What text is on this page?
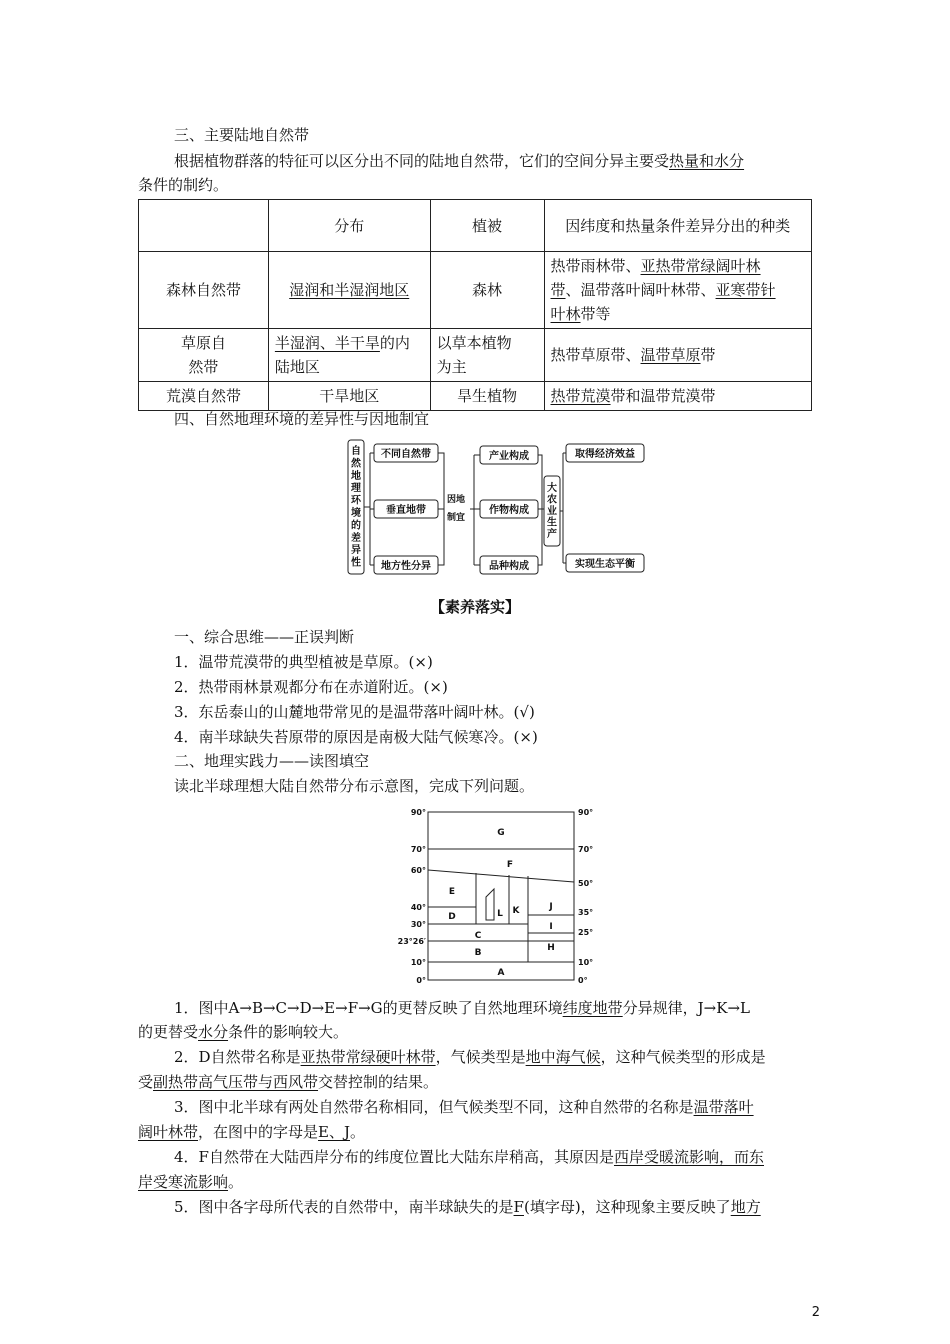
三、主要陆地自然带
根据植物群落的特征可以区分出不同的陆地自然带，它们的空间分异主要受热量和水分
条件的制约。
	分布	植被	因纬度和热量条件差异分出的种类
森林自然带	湿润和半湿润地区	森林	热带雨林带、亚热带常绿阔叶林
带、温带落叶阔叶林带、亚寒带针
叶林带等

草原自然带	半湿润、半干旱的内陆地区	以草本植物为主	热带草原带、温带草原带
荒漠自然带	干旱地区	旱生植物	热带荒漠带和温带荒漠带
四、自然地理环境的差异性与因地制宜
不同自然带
垂直地带
地方性分异
因地
制宜
产业构成
作物构成
品种构成
取得经济效益
实现生态平衡
自然地理环境的差异性
大农业生产
【素养落实】
一、综合思维——正误判断
1．温带荒漠带的典型植被是草原。(×)
2．热带雨林景观都分布在赤道附近。(×)
3．东岳泰山的山麓地带常见的是温带落叶阔叶林。(√)
4．南半球缺失苔原带的原因是南极大陆气候寒冷。(×)
二、地理实践力——读图填空
读北半球理想大陆自然带分布示意图，完成下列问题。
G
F
E
D	L K	J
I
C
B	H
A
90°
70°
60°
40°
30°
23°26′
10°
0°
90°
70°
50°
35°
25°
10°
0°
1．图中A→B→C→D→E→F→G的更替反映了自然地理环境纬度地带分异规律，J→K→L
的更替受水分条件的影响较大。
2．D自然带名称是亚热带常绿硬叶林带，气候类型是地中海气候，这种气候类型的形成是
受副热带高气压带与西风带交替控制的结果。
3．图中北半球有两处自然带名称相同，但气候类型不同，这种自然带的名称是温带落叶
阔叶林带，在图中的字母是E、J。
4．F自然带在大陆西岸分布的纬度位置比大陆东岸稍高，其原因是西岸受暖流影响，而东
岸受寒流影响。
5．图中各字母所代表的自然带中，南半球缺失的是F(填字母)，这种现象主要反映了地方
2
